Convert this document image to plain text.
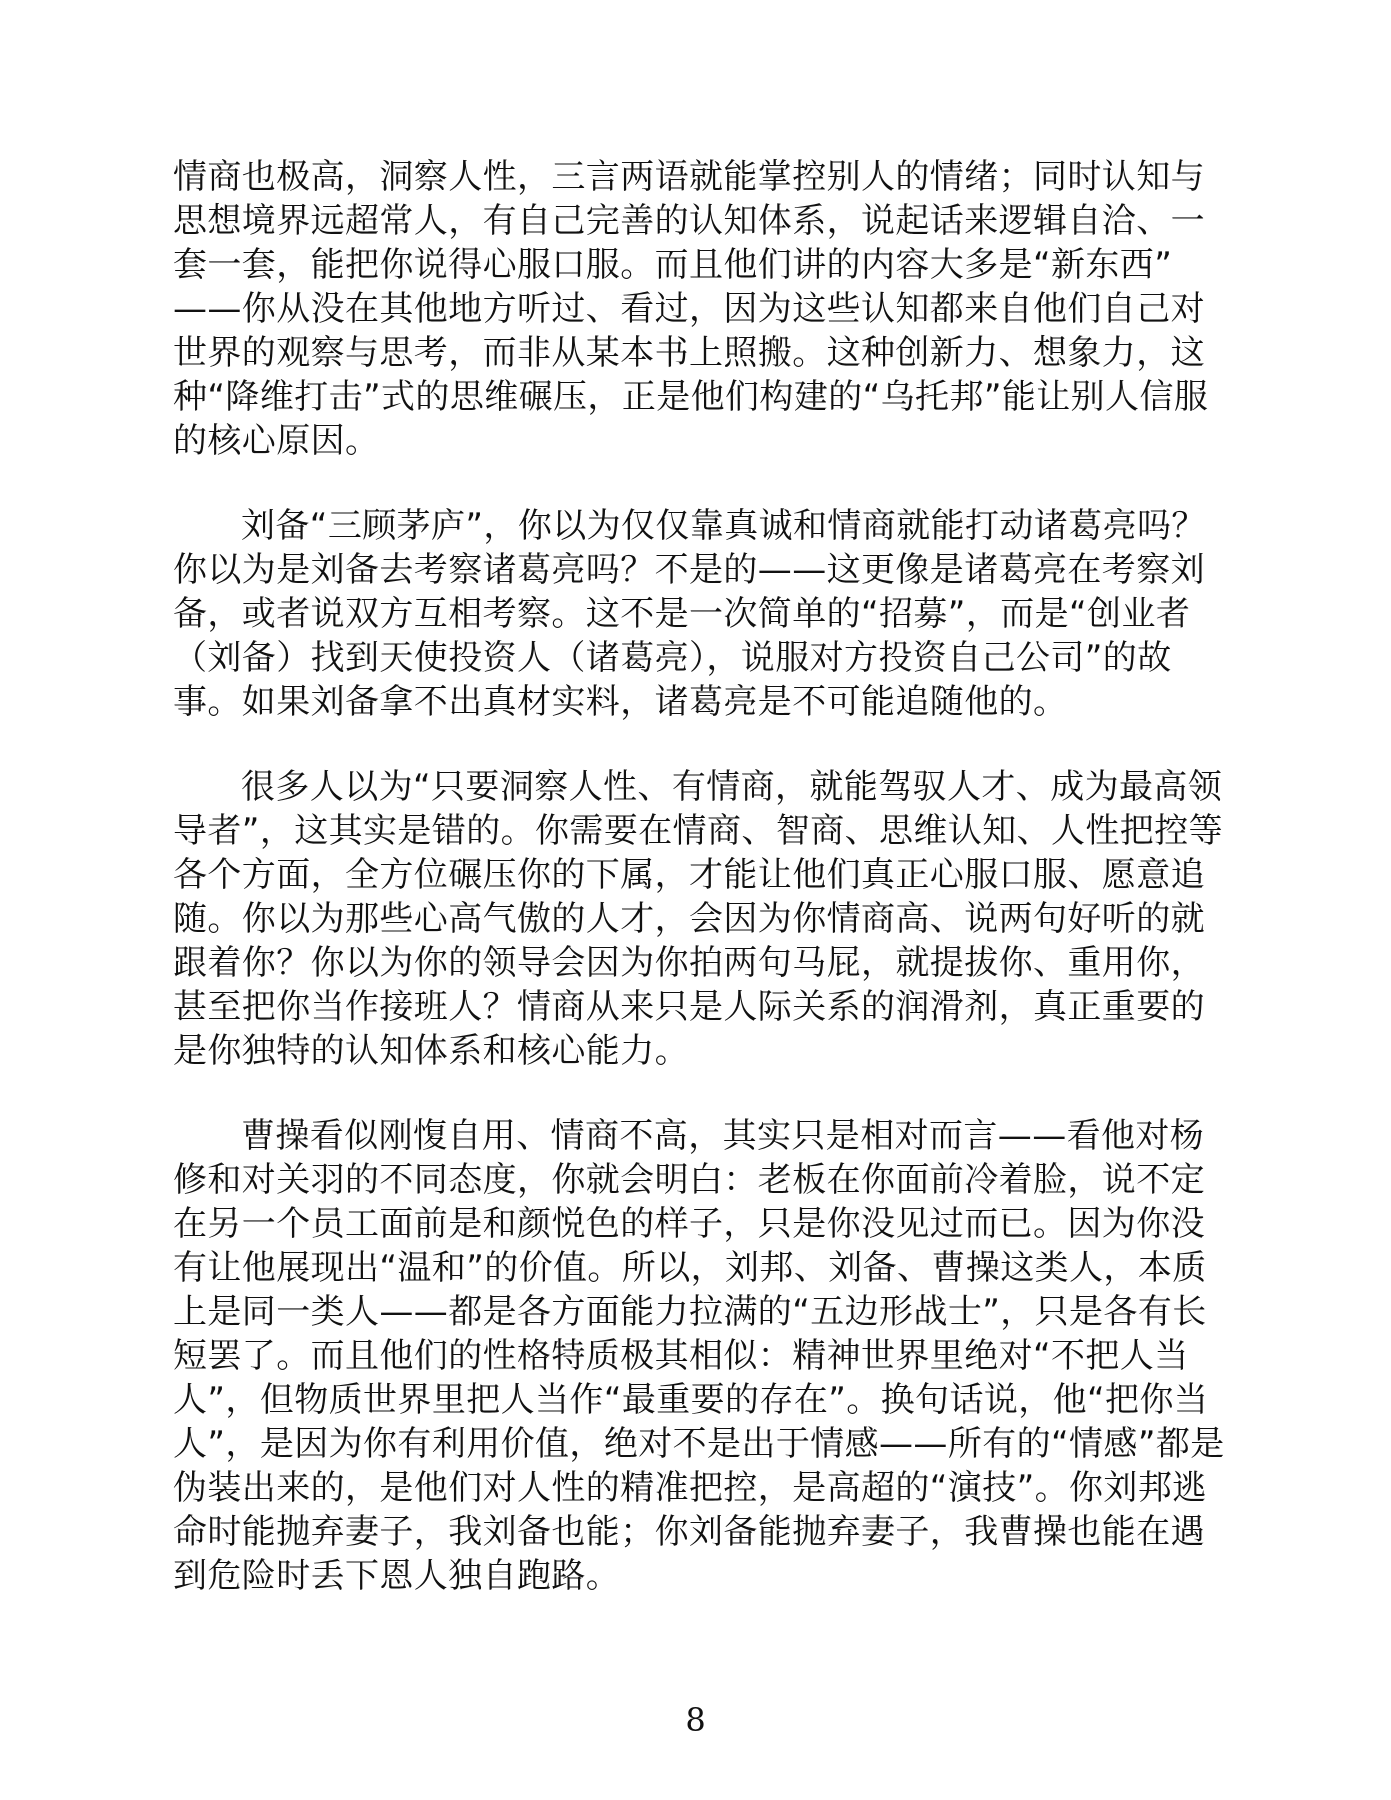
情商也极高，洞察人性，三言两语就能掌控别人的情绪；同时认知与
思想境界远超常人，有自己完善的认知体系，说起话来逻辑自洽、一
套一套，能把你说得心服口服。而且他们讲的内容大多是“新东西”
——你从没在其他地方听过、看过，因为这些认知都来自他们自己对
世界的观察与思考，而非从某本书上照搬。这种创新力、想象力，这
种“降维打击”式的思维碾压，正是他们构建的“乌托邦”能让别人信服
的核心原因。

刘备“三顾茅庐”，你以为仅仅靠真诚和情商就能打动诸葛亮吗？
你以为是刘备去考察诸葛亮吗？不是的——这更像是诸葛亮在考察刘
备，或者说双方互相考察。这不是一次简单的“招募”，而是“创业者
（刘备）找到天使投资人（诸葛亮），说服对方投资自己公司”的故
事。如果刘备拿不出真材实料，诸葛亮是不可能追随他的。

很多人以为“只要洞察人性、有情商，就能驾驭人才、成为最高领
导者”，这其实是错的。你需要在情商、智商、思维认知、人性把控等
各个方面，全方位碾压你的下属，才能让他们真正心服口服、愿意追
随。你以为那些心高气傲的人才，会因为你情商高、说两句好听的就
跟着你？你以为你的领导会因为你拍两句马屁，就提拔你、重用你，
甚至把你当作接班人？情商从来只是人际关系的润滑剂，真正重要的
是你独特的认知体系和核心能力。

曹操看似刚愎自用、情商不高，其实只是相对而言——看他对杨
修和对关羽的不同态度，你就会明白：老板在你面前冷着脸，说不定
在另一个员工面前是和颜悦色的样子，只是你没见过而已。因为你没
有让他展现出“温和”的价值。所以，刘邦、刘备、曹操这类人，本质
上是同一类人——都是各方面能力拉满的“五边形战士”，只是各有长
短罢了。而且他们的性格特质极其相似：精神世界里绝对“不把人当
人”，但物质世界里把人当作“最重要的存在”。换句话说，他“把你当
人”，是因为你有利用价值，绝对不是出于情感——所有的“情感”都是
伪装出来的，是他们对人性的精准把控，是高超的“演技”。你刘邦逃
命时能抛弃妻子，我刘备也能；你刘备能抛弃妻子，我曹操也能在遇
到危险时丢下恩人独自跑路。

8
